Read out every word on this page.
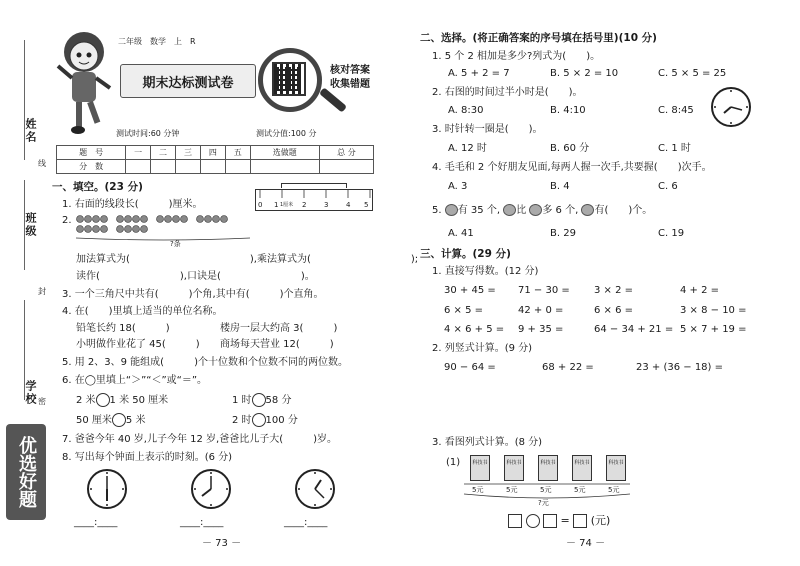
姓名
线
班级
封
学校 密
优选好题
二年级　数学　上　R
期末达标测试卷
核对答案
收集错题
测试时间:60 分钟	测试分值:100 分
题　号	一	二	三	四	五	选做题	总 分
分　数							
一、填空。(23 分)
0 1 1厘米 2	3	4 5
1. 右面的线段长(　　　)厘米。
2.
?条
加法算式为(　　　　　　　　　　　　),乘法算式为(　　　　　　　　　　);
读作(　　　　　　　　),口诀是(　　　　　　　　)。
3. 一个三角尺中共有(　　　)个角,其中有(　　　)个直角。
4. 在(　　)里填上适当的单位名称。
铅笔长约 18(　　　)	楼房一层大约高 3(　　　)
小明做作业花了 45(　　　) 商场每天营业 12(　　　)
5. 用 2、3、9 能组成(　　　)个十位数和个位数不同的两位数。
6. 在◯里填上“＞”“＜”或“＝”。
2 米 1 米 50 厘米	1 时 58 分
50 厘米 5 米	2 时 100 分
7. 爸爸今年 40 岁,儿子今年 12 岁,爸爸比儿子大(　　　)岁。
8. 写出每个钟面上表示的时刻。(6 分)
____:____	____:____	____:____
－ 73 －
二、选择。(将正确答案的序号填在括号里)(10 分)
1. 5 个 2 相加是多少?列式为(　　)。
A. 5 + 2 = 7	B. 5 × 2 = 10	C. 5 × 5 = 25
2. 右图的时间过半小时是(　　)。
A. 8:30	B. 4:10	C. 8:45
3. 时针转一圈是(　　)。
A. 12 时	B. 60 分	C. 1 时
4. 毛毛和 2 个好朋友见面,每两人握一次手,共要握(　　)次手。
A. 3	B. 4	C. 6
5. 有 35 个, 比 多 6 个, 有(　　)个。
A. 41	B. 29	C. 19
三、计算。(29 分)
1. 直接写得数。(12 分)
30 + 45 = 71 − 30 = 3 × 2 =	4 + 2 =
6 × 5 =	42 + 0 =	6 × 6 =	3 × 8 − 10 =
4 × 6 + 5 = 9 + 35 =	64 − 34 + 21 = 5 × 7 + 19 =
2. 列竖式计算。(9 分)
90 − 64 =	68 + 22 =	23 + (36 − 18) =
3. 看图列式计算。(8 分)
(1)	科技书	科技书	科技书	科技书	科技书
5元	5元	5元	5元	5元
?元
= (元)
－ 74 －
